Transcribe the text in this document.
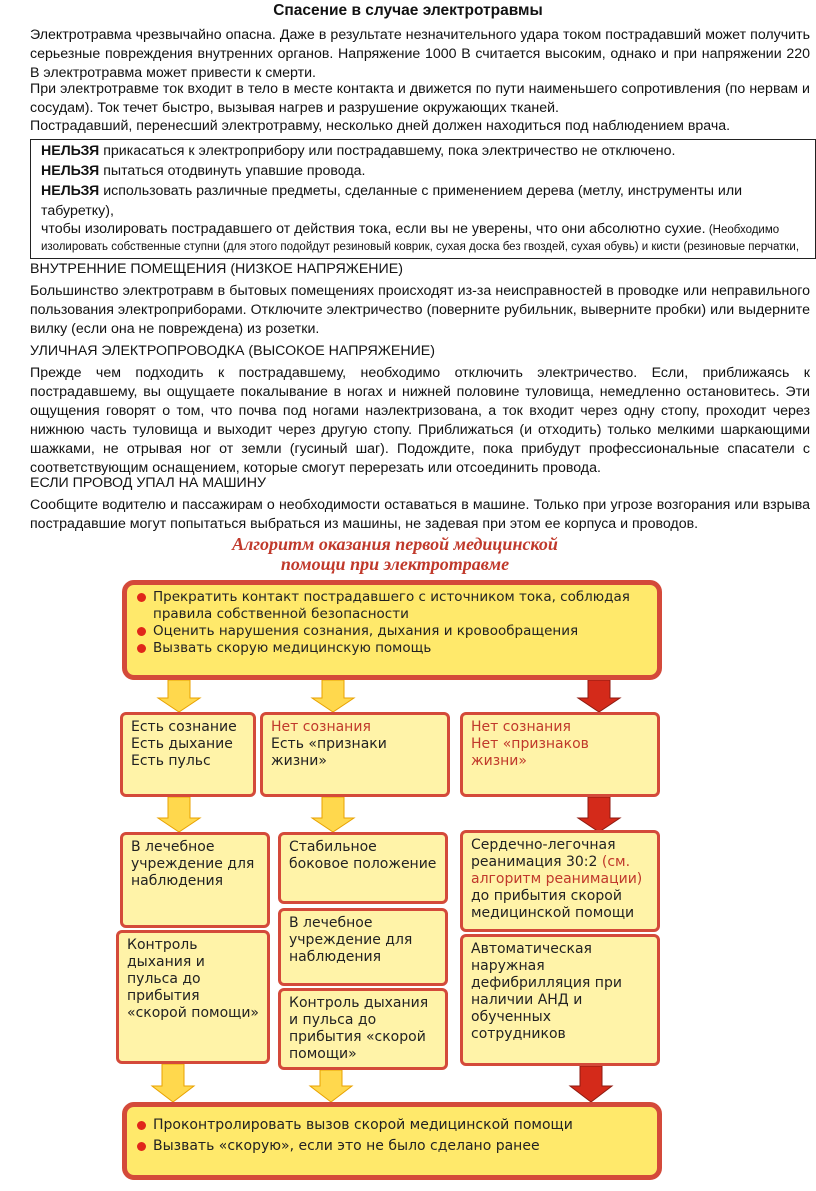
Спасение в случае электротравмы

Электротравма чрезвычайно опасна. Даже в результате незначительного удара током пострадавший может получить серьезные повреждения внутренних органов. Напряжение 1000 В считается высоким, однако и при напряжении 220 В электротравма может привести к смерти.

При электротравме ток входит в тело в месте контакта и движется по пути наименьшего сопротивления (по нервам и сосудам). Ток течет быстро, вызывая нагрев и разрушение окружающих тканей.

Пострадавший, перенесший электротравму, несколько дней должен находиться под наблюдением врача.

НЕЛЬЗЯ прикасаться к электроприбору или пострадавшему, пока электричество не отключено.

НЕЛЬЗЯ пытаться отодвинуть упавшие провода.

НЕЛЬЗЯ использовать различные предметы, сделанные с применением дерева (метлу, инструменты или табуретку),

чтобы изолировать пострадавшего от действия тока, если вы не уверены, что они абсолютно сухие. (Необходимо изолировать собственные ступни (для этого подойдут резиновый коврик, сухая доска без гвоздей, сухая обувь) и кисти (резиновые перчатки,

ВНУТРЕННИЕ ПОМЕЩЕНИЯ (НИЗКОЕ НАПРЯЖЕНИЕ)

Большинство электротравм в бытовых помещениях происходят из-за неисправностей в проводке или неправильного пользования электроприборами. Отключите электричество (поверните рубильник, выверните пробки) или выдерните вилку (если она не повреждена) из розетки.

УЛИЧНАЯ ЭЛЕКТРОПРОВОДКА (ВЫСОКОЕ НАПРЯЖЕНИЕ)

Прежде чем подходить к пострадавшему, необходимо отключить электричество. Если, приближаясь к пострадавшему, вы ощущаете покалывание в ногах и нижней половине туловища, немедленно остановитесь. Эти ощущения говорят о том, что почва под ногами наэлектризована, а ток входит через одну стопу, проходит через нижнюю часть туловища и выходит через другую стопу. Приближаться (и отходить) только мелкими шаркающими шажками, не отрывая ног от земли (гусиный шаг). Подождите, пока прибудут профессиональные спасатели с соответствующим оснащением, которые смогут перерезать или отсоединить провода.

ЕСЛИ ПРОВОД УПАЛ НА МАШИНУ

Сообщите водителю и пассажирам о необходимости оставаться в машине. Только при угрозе возгорания или взрыва пострадавшие могут попытаться выбраться из машины, не задевая при этом ее корпуса и проводов.

Алгоритм оказания первой медицинской
помощи при электротравме
Прекратить контакт пострадавшего с источником тока, соблюдая правила собственной безопасности
Оценить нарушения сознания, дыхания и кровообращения
Вызвать скорую медицинскую помощь
Есть сознание
Есть дыхание
Есть пульс
Нет сознания
Есть «признаки жизни»
Нет сознания
Нет «признаков жизни»
В лечебное учреждение для наблюдения
Контроль дыхания и пульса до прибытия «скорой помощи»
Стабильное боковое положение
В лечебное учреждение для наблюдения
Контроль дыхания и пульса до прибытия «скорой помощи»
Сердечно-легочная реанимация 30:2 (см. алгоритм реанимации) до прибытия скорой медицинской помощи
Автоматическая наружная дефибрилляция при наличии АНД и обученных сотрудников
Проконтролировать вызов скорой медицинской помощи
Вызвать «скорую», если это не было сделано ранее
